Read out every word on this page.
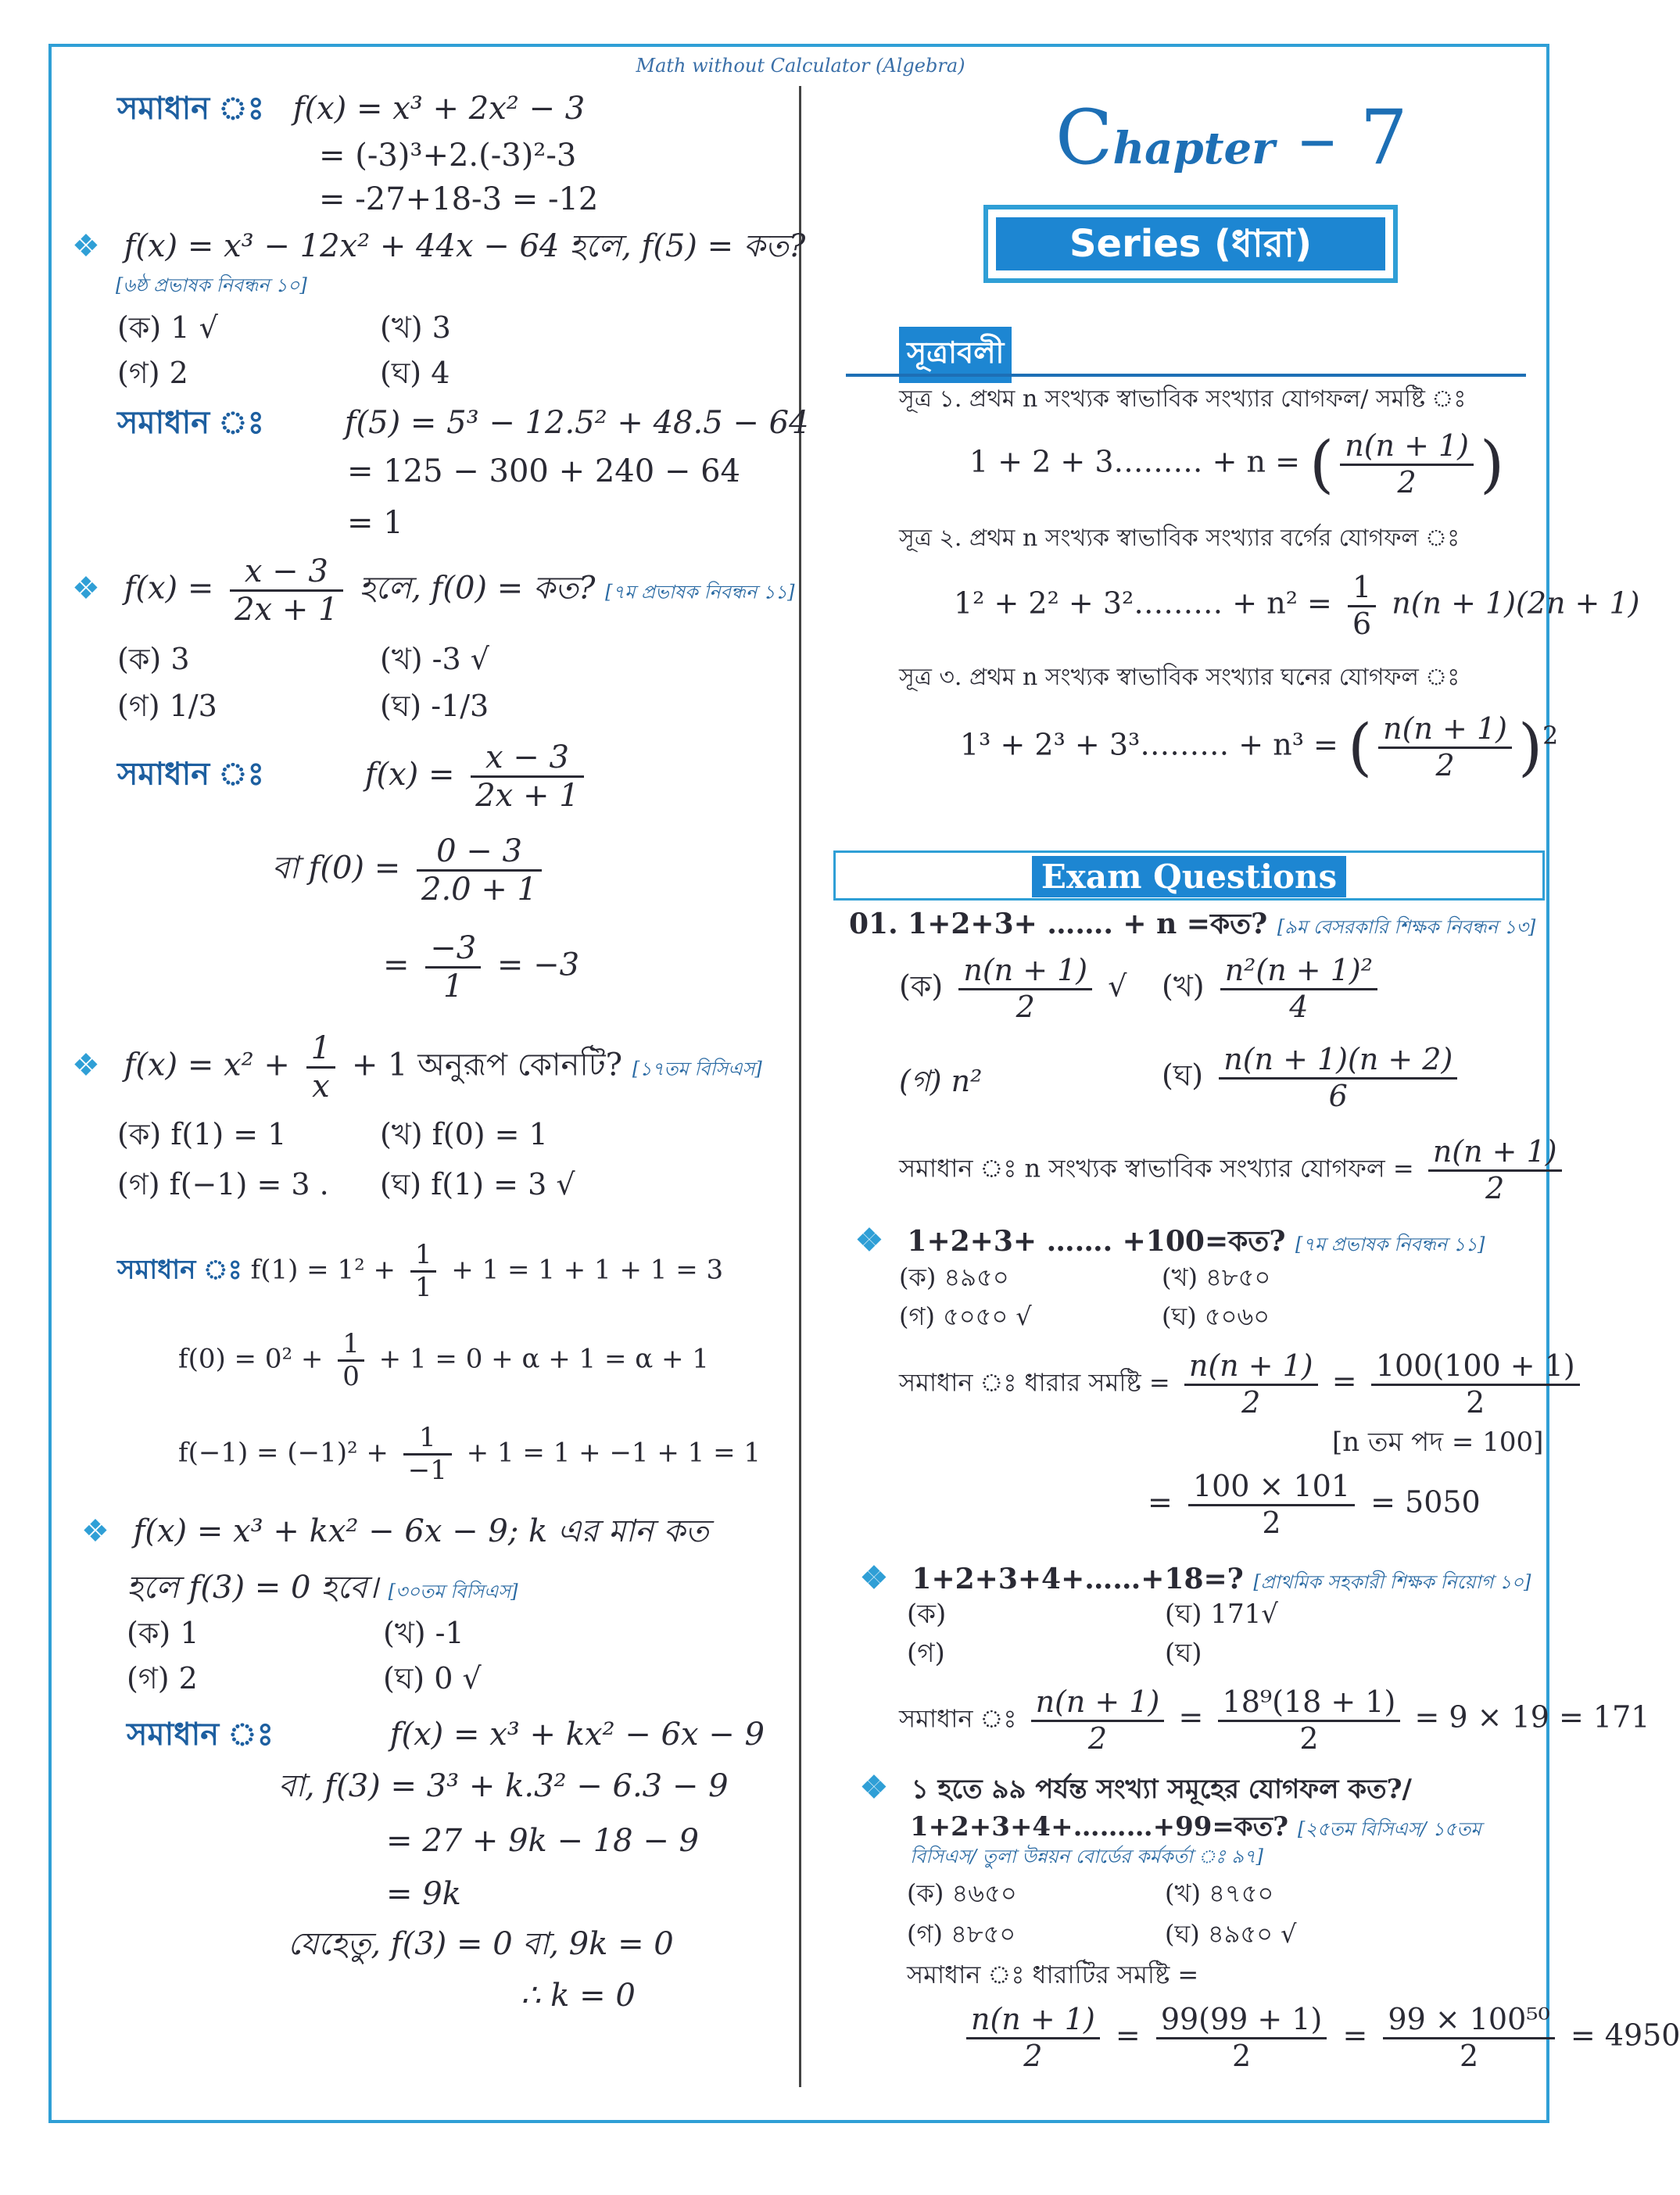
Math without Calculator (Algebra)
সমাধান ঃ f(x) = x³ + 2x² − 3
= (-3)³+2.(-3)²-3
= -27+18-3 = -12
❖ f(x) = x³ − 12x² + 44x − 64 হলে, f(5) = কত?
[৬ষ্ঠ প্রভাষক নিবন্ধন ১০]
(ক) 1 √	(খ) 3
(গ) 2	(ঘ) 4
সমাধান ঃ	f(5) = 5³ − 12.5² + 48.5 − 64
= 125 − 300 + 240 − 64
= 1
❖ $f(x) = \frac{x - 3}{2x + 1}$ হলে, f(0) = কত? [৭ম প্রভাষক নিবন্ধন ১১]
(ক) 3	(খ) -3 √
(গ) 1/3	(ঘ) -1/3
সমাধান ঃ	$f(x) = \frac{x - 3}{2x + 1}$
বা $f(0) = \frac{0 - 3}{2.0 + 1}$
= $\frac{-3}{1} = -3$
❖ $f(x) = x^2 + \frac{1}{x} + 1$ অনুরূপ কোনটি? [১৭তম বিসিএস]
(ক) f(1) = 1	(খ) f(0) = 1
(গ) f(−1) = 3 . (ঘ) f(1) = 3 √
সমাধান ঃ $f(1) = 1^2 + \frac{1}{1} + 1 = 1 + 1 + 1 = 3$
$f(0) = 0^2 + \frac{1}{0} + 1 = 0 + \alpha + 1 = \alpha + 1$
$f(-1) = (-1)^2 + \frac{1}{-1} + 1 = 1 + -1 + 1 = 1$
❖ f(x) = x³ + kx² − 6x − 9; k এর মান কত
হলে f(3) = 0 হবে। [৩০তম বিসিএস]
(ক) 1	(খ) -1
(গ) 2	(ঘ) 0 √
সমাধান ঃ	f(x) = x³ + kx² − 6x − 9
বা, f(3) = 3³ + k.3² − 6.3 − 9
= 27 + 9k − 18 − 9
= 9k
যেহেতু, f(3) = 0 বা, 9k = 0
∴ k = 0
Chapter – 7
Series (ধারা)
সূত্রাবলী
সূত্র ১. প্রথম n সংখ্যক স্বাভাবিক সংখ্যার যোগফল/ সমষ্টি ঃ
1 + 2 + 3……… + n = ( $\frac{n(n + 1)}{2}$ )
সূত্র ২. প্রথম n সংখ্যক স্বাভাবিক সংখ্যার বর্গের যোগফল ঃ
1² + 2² + 3²……… + $n^2 = \frac{1}{6} n(n + 1)(2n + 1)$
সূত্র ৩. প্রথম n সংখ্যক স্বাভাবিক সংখ্যার ঘনের যোগফল ঃ
1³ + 2³ + 3³……… + n³ = ( $\frac{n(n + 1)}{2} )^2$
Exam Questions
01. 1+2+3+ ……. + n =কত? [৯ম বেসরকারি শিক্ষক নিবন্ধন ১৩]
(ক) $\frac{n(n + 1)}{2}$ √ (খ) $\frac{\text{n²(n + 1)²}}{4}$
(গ) n²	(ঘ) $\frac{n(n + 1)(n + 2)}{6}$
সমাধান ঃ n সংখ্যক স্বাভাবিক সংখ্যার যোগফল = $\frac{n(n + 1)}{2}$
❖ 1+2+3+ ……. +100=কত? [৭ম প্রভাষক নিবন্ধন ১১]
(ক) ৪৯৫০	(খ) ৪৮৫০
(গ) ৫০৫০ √	(ঘ) ৫০৬০
সমাধান ঃ ধারার সমষ্টি = $\frac{n(n + 1)}{2} = \frac{100(100 + 1)}{2}$
[n তম পদ = 100]
= $\frac{100 \times 101}{2} = 5050$
❖ 1+2+3+4+……+18=? [প্রাথমিক সহকারী শিক্ষক নিয়োগ ১০]
(ক)	(ঘ) 171√
(গ)	(ঘ)
সমাধান ঃ $\frac{n(n + 1)}{2} = \frac{\text{18⁹(18 + 1)}}{2} = 9 \times 19 = 171$
❖ ১ হতে ৯৯ পর্যন্ত সংখ্যা সমূহের যোগফল কত?/
1+2+3+4+………+99=কত? [২৫তম বিসিএস/ ১৫তম
বিসিএস/ তুলা উন্নয়ন বোর্ডের কর্মকর্তা ঃ ৯৭]
(ক) ৪৬৫০	(খ) ৪৭৫০
(গ) ৪৮৫০	(ঘ) ৪৯৫০ √
সমাধান ঃ ধারাটির সমষ্টি =
$\frac{n(n + 1)}{2} = \frac{99(99 + 1)}{2} = \frac{\text{99 × 100⁵⁰}}{2} = 4950$
